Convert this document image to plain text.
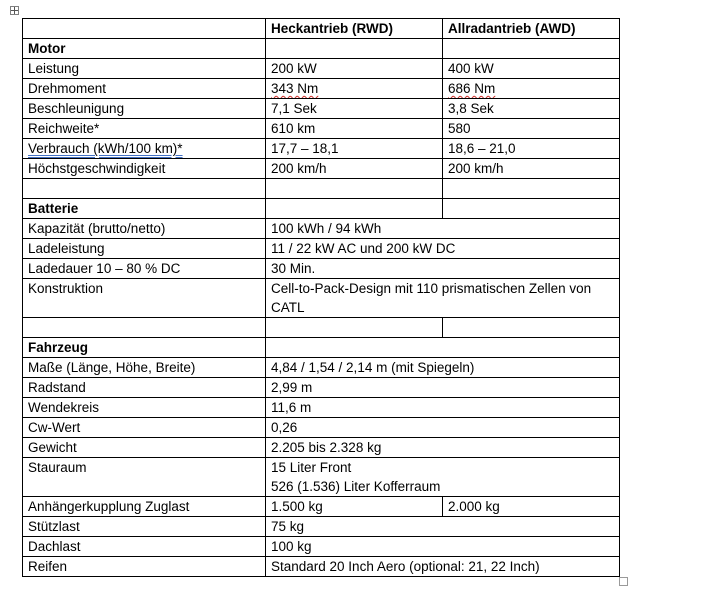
	Heckantrieb (RWD)	Allradantrieb (AWD)
Motor		
Leistung	200 kW	400 kW
Drehmoment	343 Nm	686 Nm
Beschleunigung	7,1 Sek	3,8 Sek
Reichweite*	610 km	580
Verbrauch (kWh/100 km)*	17,7 – 18,1	18,6 – 21,0
Höchstgeschwindigkeit	200 km/h	200 km/h

Batterie		
Kapazität (brutto/netto)	100 kWh / 94 kWh	
Ladeleistung	11 / 22 kW AC und 200 kW DC	
Ladedauer 10 – 80 % DC	30 Min.	
Konstruktion	Cell-to-Pack-Design mit 110 prismatischen Zellen von CATL	

Fahrzeug		
Maße (Länge, Höhe, Breite)	4,84 / 1,54 / 2,14 m (mit Spiegeln)	
Radstand	2,99 m	
Wendekreis	11,6 m	
Cw-Wert	0,26	
Gewicht	2.205 bis 2.328 kg	
Stauraum	15 Liter Front
526 (1.536) Liter Kofferraum	

Anhängerkupplung Zuglast	1.500 kg	2.000 kg
Stützlast	75 kg	
Dachlast	100 kg	
Reifen	Standard 20 Inch Aero (optional: 21, 22 Inch)	
